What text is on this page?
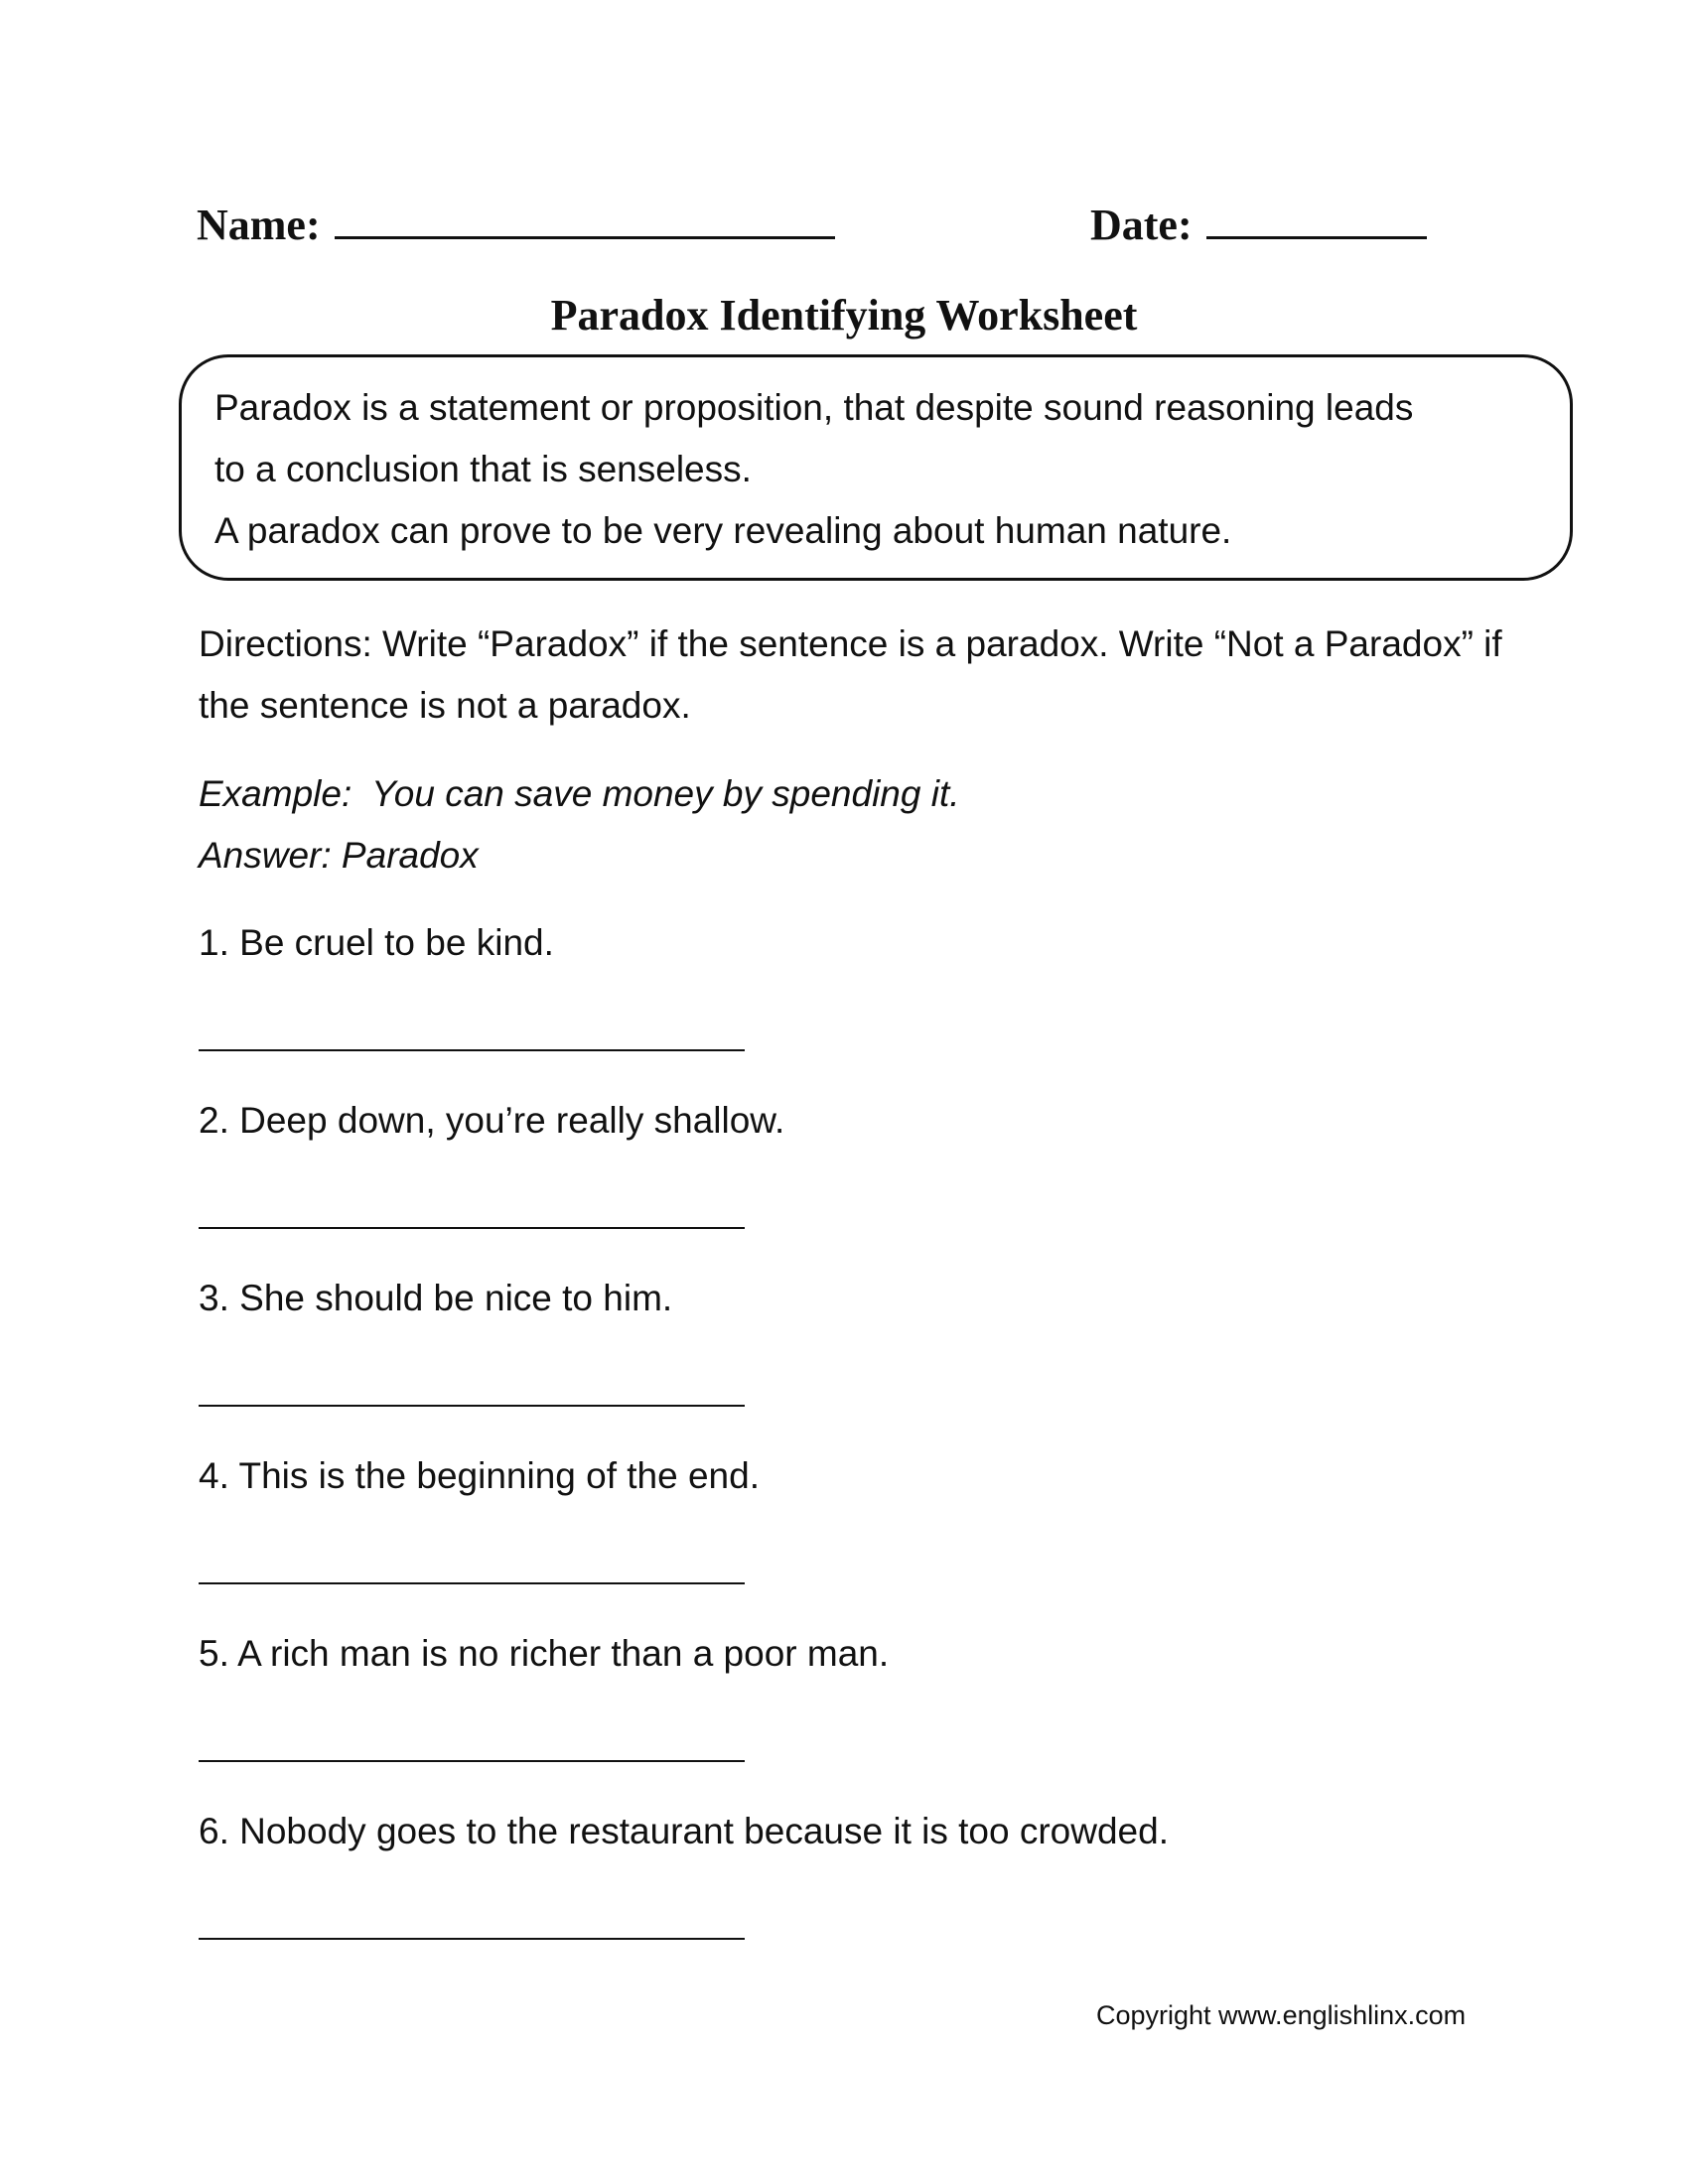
Name:	Date:
Paradox Identifying Worksheet
Paradox is a statement or proposition, that despite sound reasoning leads
to a conclusion that is senseless.
A paradox can prove to be very revealing about human nature.
Directions: Write “Paradox” if the sentence is a paradox. Write “Not a Paradox” if the sentence is not a paradox.
Example:  You can save money by spending it.
Answer: Paradox
1. Be cruel to be kind.
2. Deep down, you’re really shallow.
3. She should be nice to him.
4. This is the beginning of the end.
5. A rich man is no richer than a poor man.
6. Nobody goes to the restaurant because it is too crowded.
Copyright www.englishlinx.com
